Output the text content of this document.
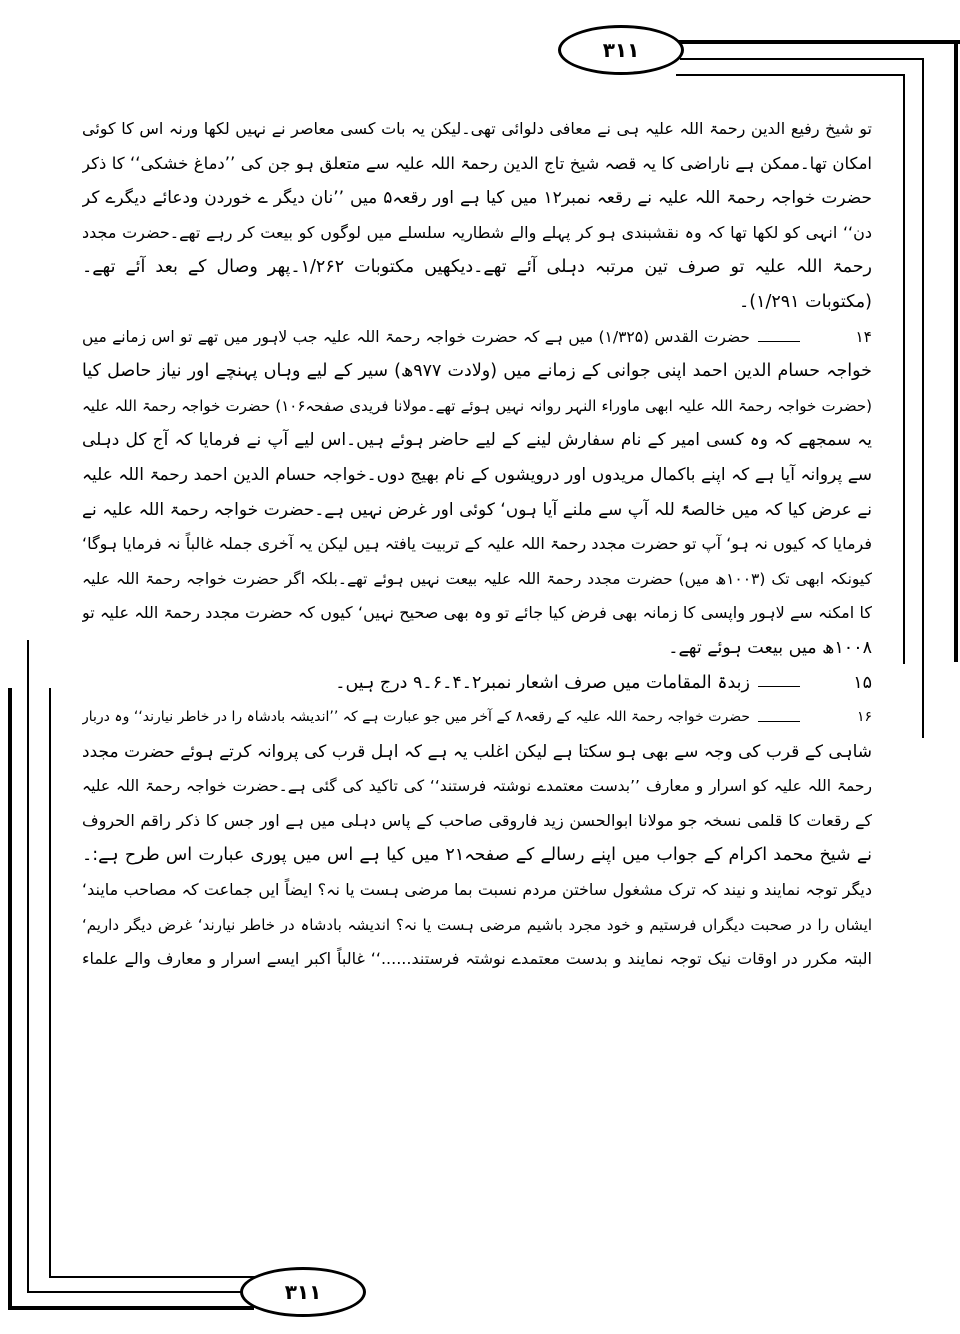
۳۱۱
۳۱۱
تو شیخ رفیع الدین رحمۃ اللہ علیہ ہی نے معافی دلوائی تھی۔لیکن یہ بات کسی معاصر نے نہیں لکھا ورنہ اس کا کوئی
امکان تھا۔ممکن ہے ناراضی کا یہ قصہ شیخ تاج الدین رحمۃ اللہ علیہ سے متعلق ہو جن کی ’’دماغ خشکی‘‘ کا ذکر
حضرت خواجہ رحمۃ اللہ علیہ نے رقعہ نمبر۱۲ میں کیا ہے اور رقعہ۵ میں ’’نان دیگر ے خوردن ودعائے دیگرے کر
دن‘‘ انہی کو لکھا تھا کہ وہ نقشبندی ہو کر پہلے والے شطاریہ سلسلے میں لوگوں کو بیعت کر رہے تھے۔حضرت مجدد
رحمۃ اللہ علیہ تو صرف تین مرتبہ دہلی آئے تھے۔دیکھیں مکتوبات ۱/۲۶۲۔پھر وصال کے بعد آئے تھے۔
(مکتوبات ۱/۲۹۱)۔
۱۴حضرت القدس (۱/۳۲۵) میں ہے کہ حضرت خواجہ رحمۃ اللہ علیہ جب لاہور میں تھے تو اس زمانے میں
خواجہ حسام الدین احمد اپنی جوانی کے زمانے میں (ولادت ۹۷۷ھ) سیر کے لیے وہاں پہنچے اور نیاز حاصل کیا
(حضرت خواجہ رحمۃ اللہ علیہ ابھی ماوراء النہر روانہ نہیں ہوئے تھے۔مولانا فریدی صفحہ۱۰۶) حضرت خواجہ رحمۃ اللہ علیہ
یہ سمجھے کہ وہ کسی امیر کے نام سفارش لینے کے لیے حاضر ہوئے ہیں۔اس لیے آپ نے فرمایا کہ آج کل دہلی
سے پروانہ آیا ہے کہ اپنے باکمال مریدوں اور درویشوں کے نام بھیج دوں۔خواجہ حسام الدین احمد رحمۃ اللہ علیہ
نے عرض کیا کہ میں خالصۃً للہ آپ سے ملنے آیا ہوں‘ کوئی اور غرض نہیں ہے۔حضرت خواجہ رحمۃ اللہ علیہ نے
فرمایا کہ کیوں نہ ہو‘ آپ تو حضرت مجدد رحمۃ اللہ علیہ کے تربیت یافتہ ہیں لیکن یہ آخری جملہ غالباً نہ فرمایا ہوگا‘
کیونکہ ابھی تک (۱۰۰۳ھ میں) حضرت مجدد رحمۃ اللہ علیہ بیعت نہیں ہوئے تھے۔بلکہ اگر حضرت خواجہ رحمۃ اللہ علیہ
کا امکنہ سے لاہور واپسی کا زمانہ بھی فرض کیا جائے تو وہ بھی صحیح نہیں‘ کیوں کہ حضرت مجدد رحمۃ اللہ علیہ تو
۱۰۰۸ھ میں بیعت ہوئے تھے۔
۱۵زبدۃ المقامات میں صرف اشعار نمبر۲۔۴۔۶۔۹ درج ہیں۔
۱۶حضرت خواجہ رحمۃ اللہ علیہ کے رقعہ۸ کے آخر میں جو عبارت ہے کہ ’’اندیشہ بادشاہ را در خاطر نیارند‘‘ وہ دربار
شاہی کے قرب کی وجہ سے بھی ہو سکتا ہے لیکن اغلب یہ ہے کہ اہل قرب کی پروانہ کرتے ہوئے حضرت مجدد
رحمۃ اللہ علیہ کو اسرار و معارف ’’بدست معتمدے نوشتہ فرستند‘‘ کی تاکید کی گئی ہے۔حضرت خواجہ رحمۃ اللہ علیہ
کے رقعات کا قلمی نسخہ جو مولانا ابوالحسن زید فاروقی صاحب کے پاس دہلی میں ہے اور جس کا ذکر راقم الحروف
نے شیخ محمد اکرام کے جواب میں اپنے رسالے کے صفحہ۲۱ میں کیا ہے اس میں پوری عبارت اس طرح ہے:۔
دیگر توجہ نمایند و نیند کہ ترک مشغول ساختن مردم نسبت بما مرضی ہست یا نہ؟ ایضاً ایں جماعت کہ مصاحب مایند‘
ایشاں را در صحبت دیگراں فرستیم و خود مجرد باشیم مرضی ہست یا نہ؟ اندیشہ بادشاہ در خاطر نیارند‘ غرض دیگر داریم‘
البتہ مکرر در اوقات نیک توجہ نمایند و بدست معتمدے نوشتہ فرستند......‘‘ غالباً اکبر ایسے اسرار و معارف والے علماء
